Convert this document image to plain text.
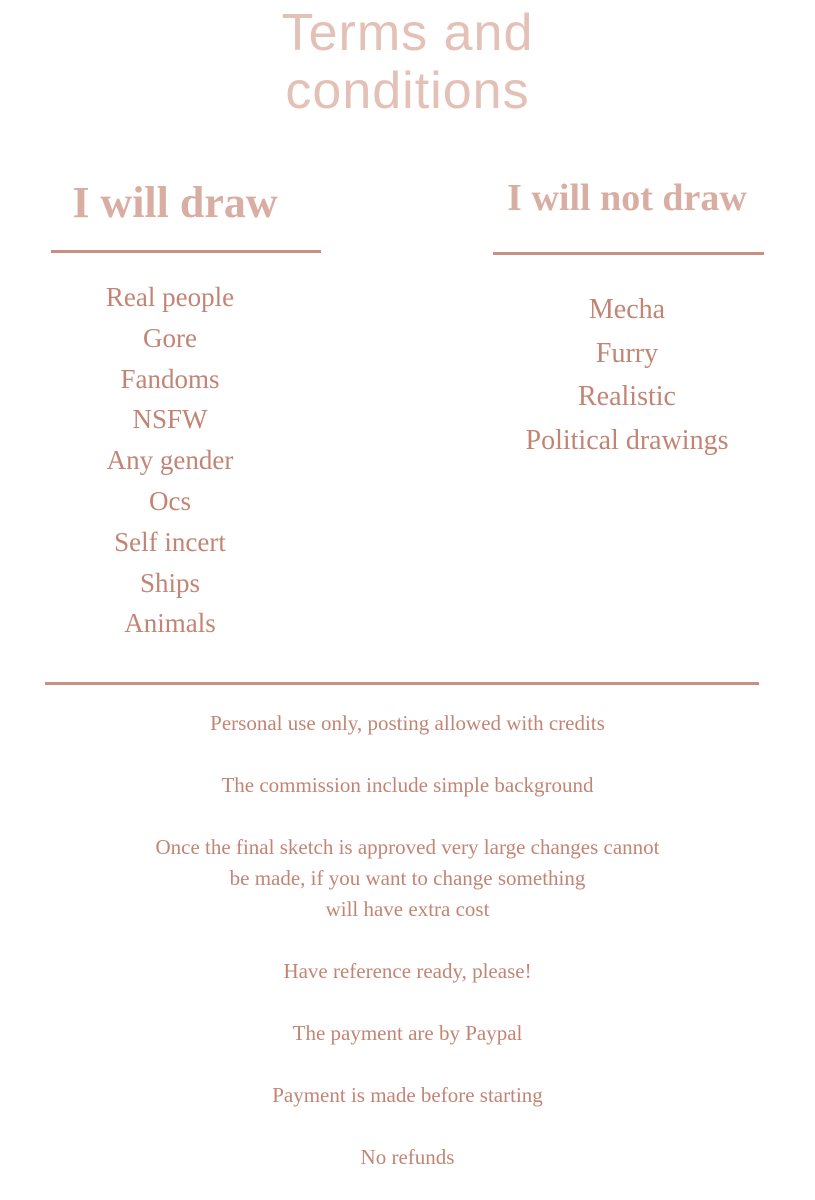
Terms and
conditions
I will draw	I will not draw
Real people
Gore
Fandoms
NSFW
Any gender
Ocs
Self incert
Ships
Animals
Mecha
Furry
Realistic
Political drawings
Personal use only, posting allowed with credits
The commission include simple background
Once the final sketch is approved very large changes cannot
be made, if you want to change something
will have extra cost
Have reference ready, please!
The payment are by Paypal
Payment is made before starting
No refunds
